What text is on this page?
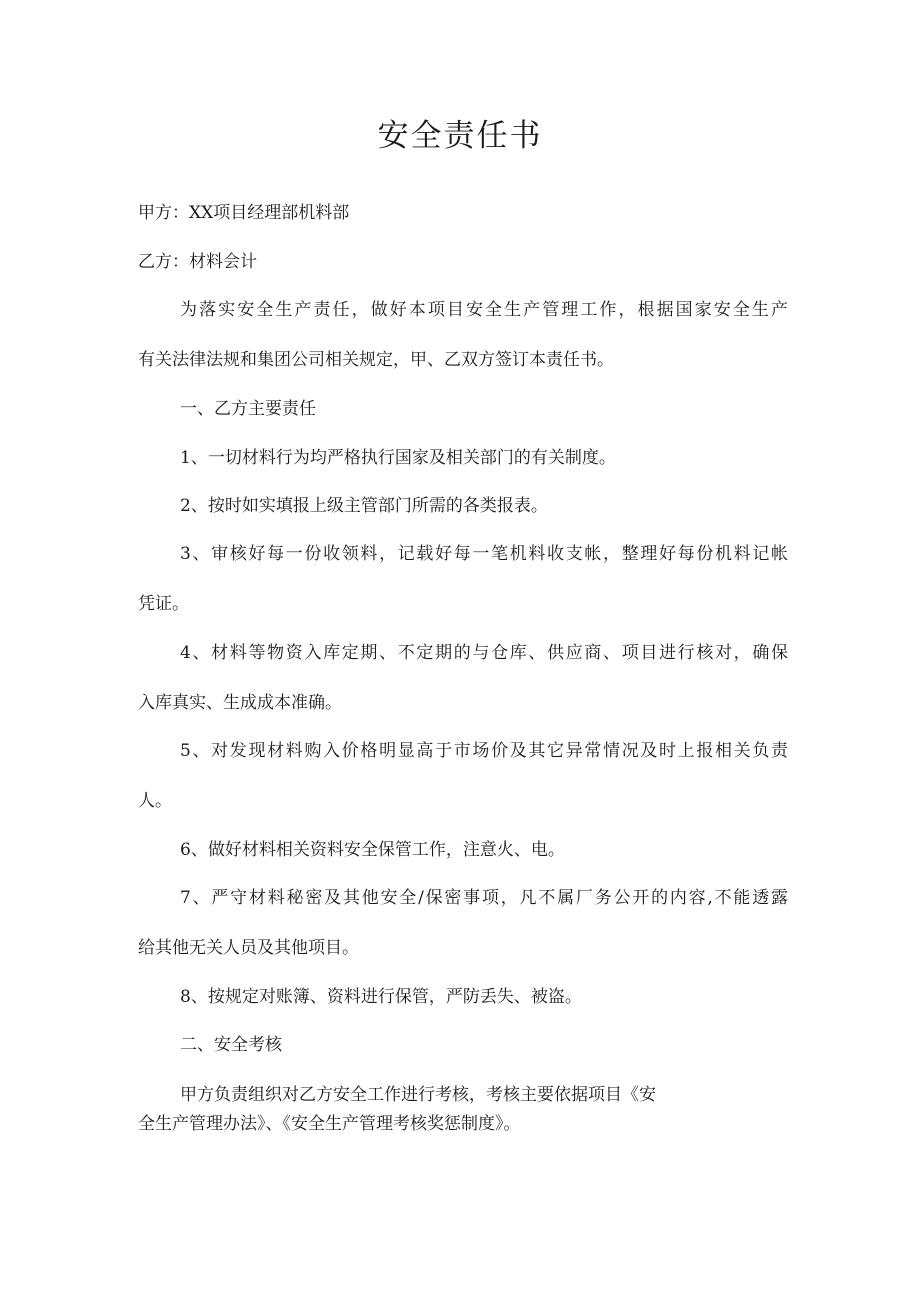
安全责任书

甲方：XX项目经理部机料部

乙方：材料会计

为落实安全生产责任，做好本项目安全生产管理工作，根据国家安全生产

有关法律法规和集团公司相关规定，甲、乙双方签订本责任书。

一、乙方主要责任

1、一切材料行为均严格执行国家及相关部门的有关制度。

2、按时如实填报上级主管部门所需的各类报表。

3、审核好每一份收领料，记载好每一笔机料收支帐，整理好每份机料记帐

凭证。

4、材料等物资入库定期、不定期的与仓库、供应商、项目进行核对，确保

入库真实、生成成本准确。

5、对发现材料购入价格明显高于市场价及其它异常情况及时上报相关负责

人。

6、做好材料相关资料安全保管工作，注意火、电。

7、严守材料秘密及其他安全/保密事项，凡不属厂务公开的内容,不能透露

给其他无关人员及其他项目。

8、按规定对账簿、资料进行保管，严防丢失、被盗。

二、安全考核

甲方负责组织对乙方安全工作进行考核，考核主要依据项目《安

全生产管理办法》、《安全生产管理考核奖惩制度》。
